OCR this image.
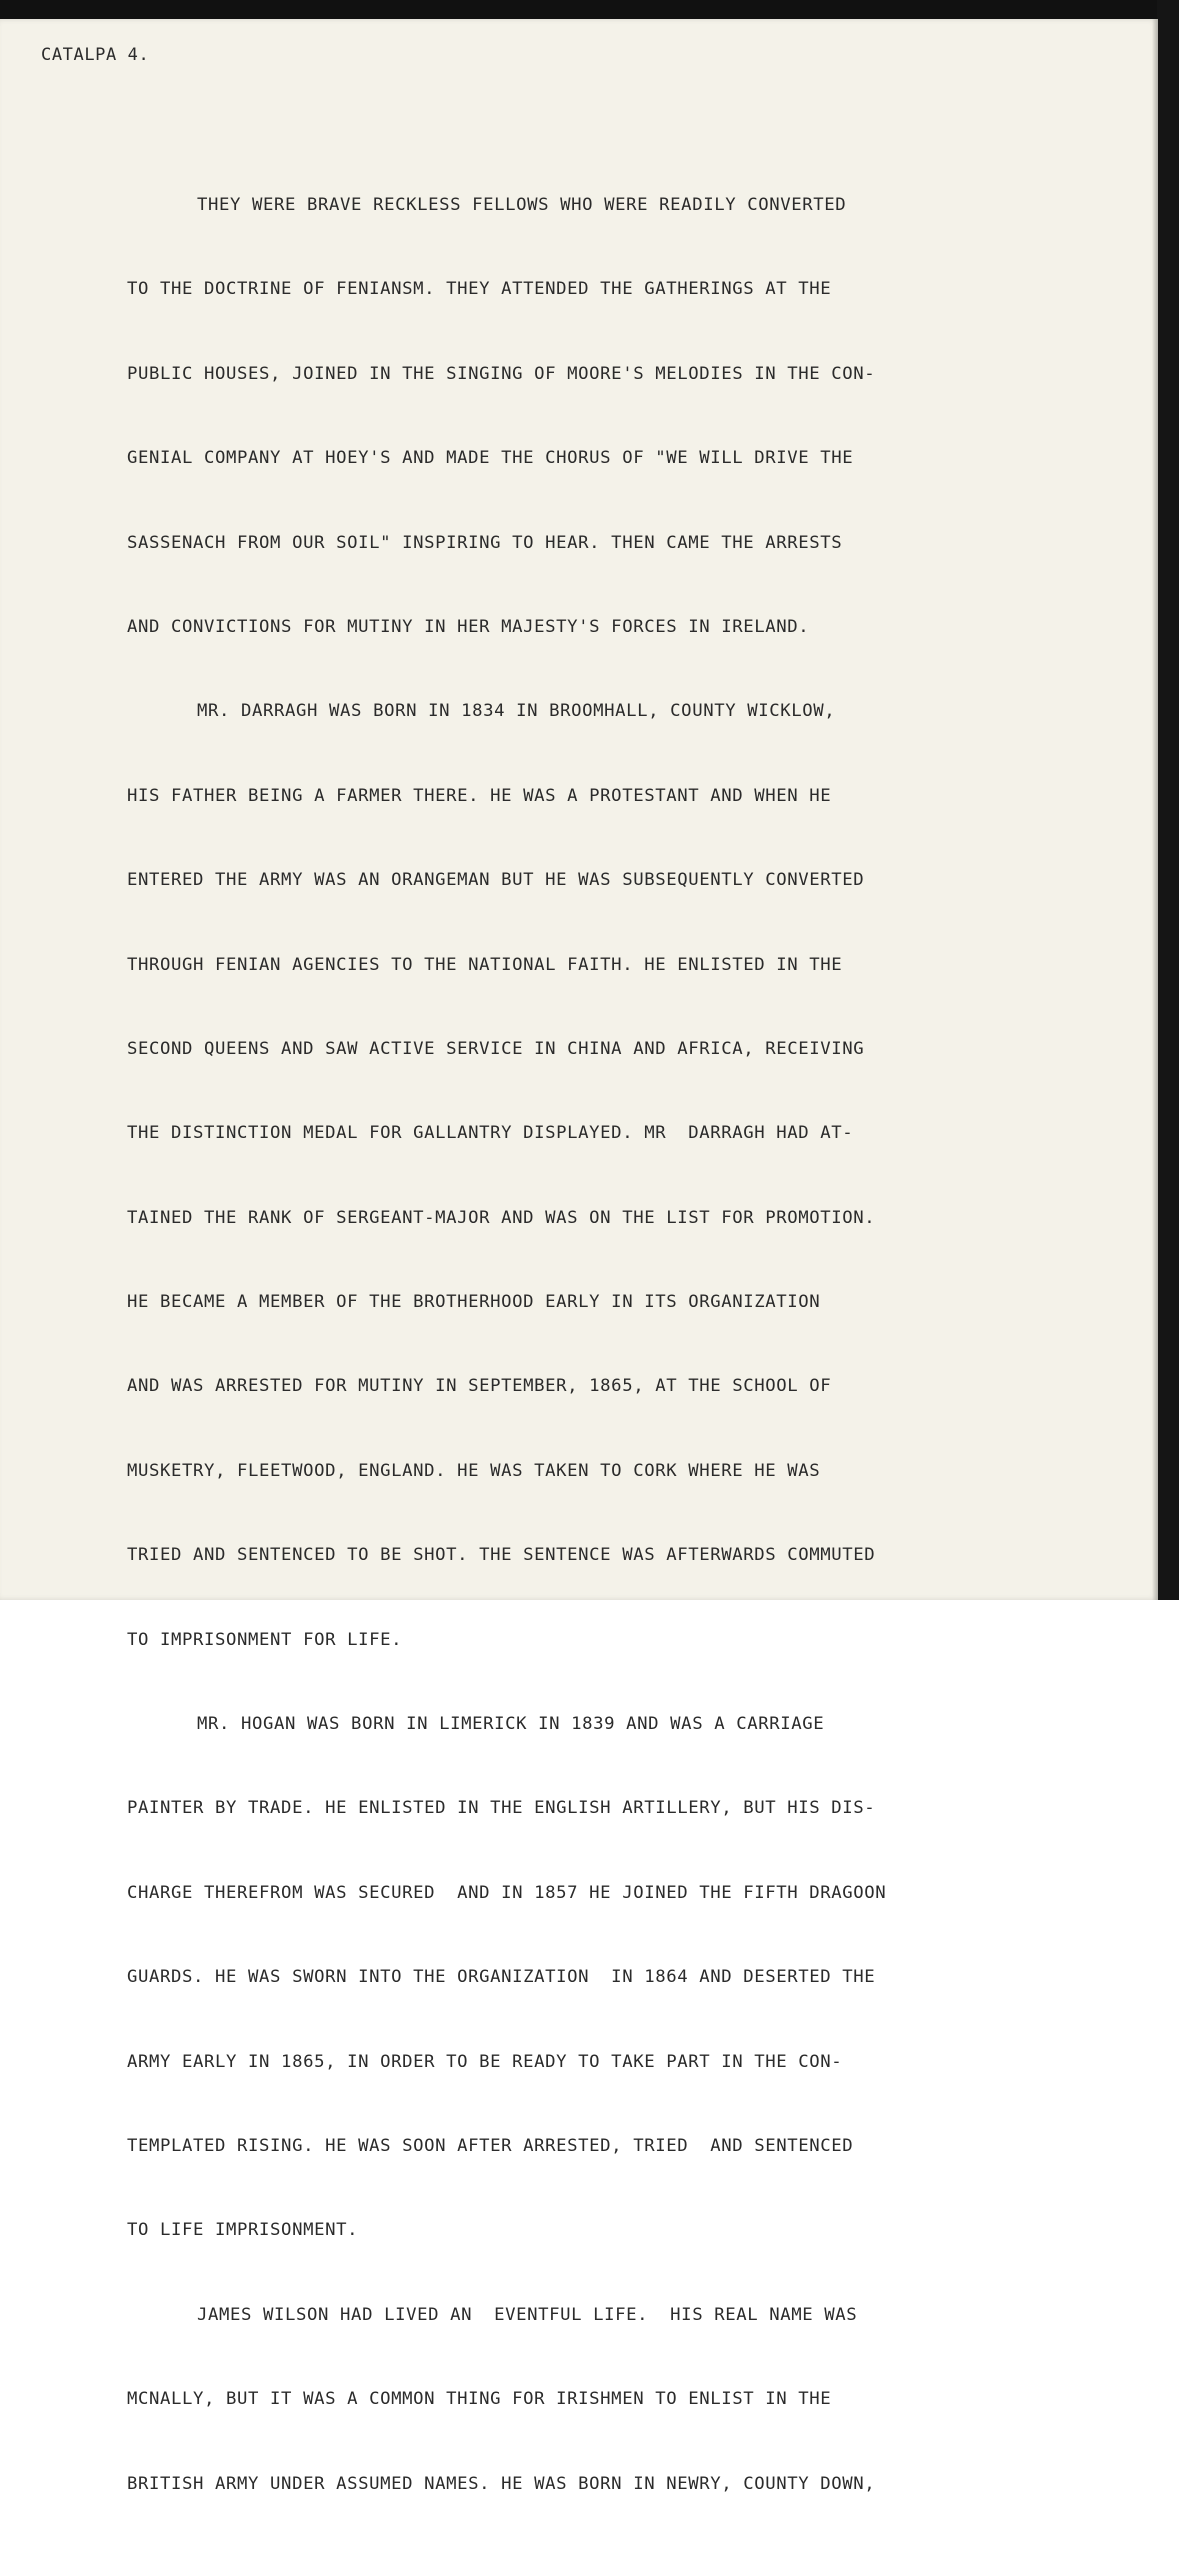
CATALPA 4.

THEY WERE BRAVE RECKLESS FELLOWS WHO WERE READILY CONVERTED

TO THE DOCTRINE OF FENIANSM. THEY ATTENDED THE GATHERINGS AT THE

PUBLIC HOUSES, JOINED IN THE SINGING OF MOORE'S MELODIES IN THE CON-

GENIAL COMPANY AT HOEY'S AND MADE THE CHORUS OF "WE WILL DRIVE THE

SASSENACH FROM OUR SOIL" INSPIRING TO HEAR. THEN CAME THE ARRESTS

AND CONVICTIONS FOR MUTINY IN HER MAJESTY'S FORCES IN IRELAND.

MR. DARRAGH WAS BORN IN 1834 IN BROOMHALL, COUNTY WICKLOW,

HIS FATHER BEING A FARMER THERE. HE WAS A PROTESTANT AND WHEN HE

ENTERED THE ARMY WAS AN ORANGEMAN BUT HE WAS SUBSEQUENTLY CONVERTED

THROUGH FENIAN AGENCIES TO THE NATIONAL FAITH. HE ENLISTED IN THE

SECOND QUEENS AND SAW ACTIVE SERVICE IN CHINA AND AFRICA, RECEIVING

THE DISTINCTION MEDAL FOR GALLANTRY DISPLAYED. MR  DARRAGH HAD AT-

TAINED THE RANK OF SERGEANT-MAJOR AND WAS ON THE LIST FOR PROMOTION.

HE BECAME A MEMBER OF THE BROTHERHOOD EARLY IN ITS ORGANIZATION

AND WAS ARRESTED FOR MUTINY IN SEPTEMBER, 1865, AT THE SCHOOL OF

MUSKETRY, FLEETWOOD, ENGLAND. HE WAS TAKEN TO CORK WHERE HE WAS

TRIED AND SENTENCED TO BE SHOT. THE SENTENCE WAS AFTERWARDS COMMUTED

TO IMPRISONMENT FOR LIFE.

MR. HOGAN WAS BORN IN LIMERICK IN 1839 AND WAS A CARRIAGE

PAINTER BY TRADE. HE ENLISTED IN THE ENGLISH ARTILLERY, BUT HIS DIS-

CHARGE THEREFROM WAS SECURED  AND IN 1857 HE JOINED THE FIFTH DRAGOON

GUARDS. HE WAS SWORN INTO THE ORGANIZATION  IN 1864 AND DESERTED THE

ARMY EARLY IN 1865, IN ORDER TO BE READY TO TAKE PART IN THE CON-

TEMPLATED RISING. HE WAS SOON AFTER ARRESTED, TRIED  AND SENTENCED

TO LIFE IMPRISONMENT.

JAMES WILSON HAD LIVED AN  EVENTFUL LIFE.  HIS REAL NAME WAS

MCNALLY, BUT IT WAS A COMMON THING FOR IRISHMEN TO ENLIST IN THE

BRITISH ARMY UNDER ASSUMED NAMES. HE WAS BORN IN NEWRY, COUNTY DOWN,
